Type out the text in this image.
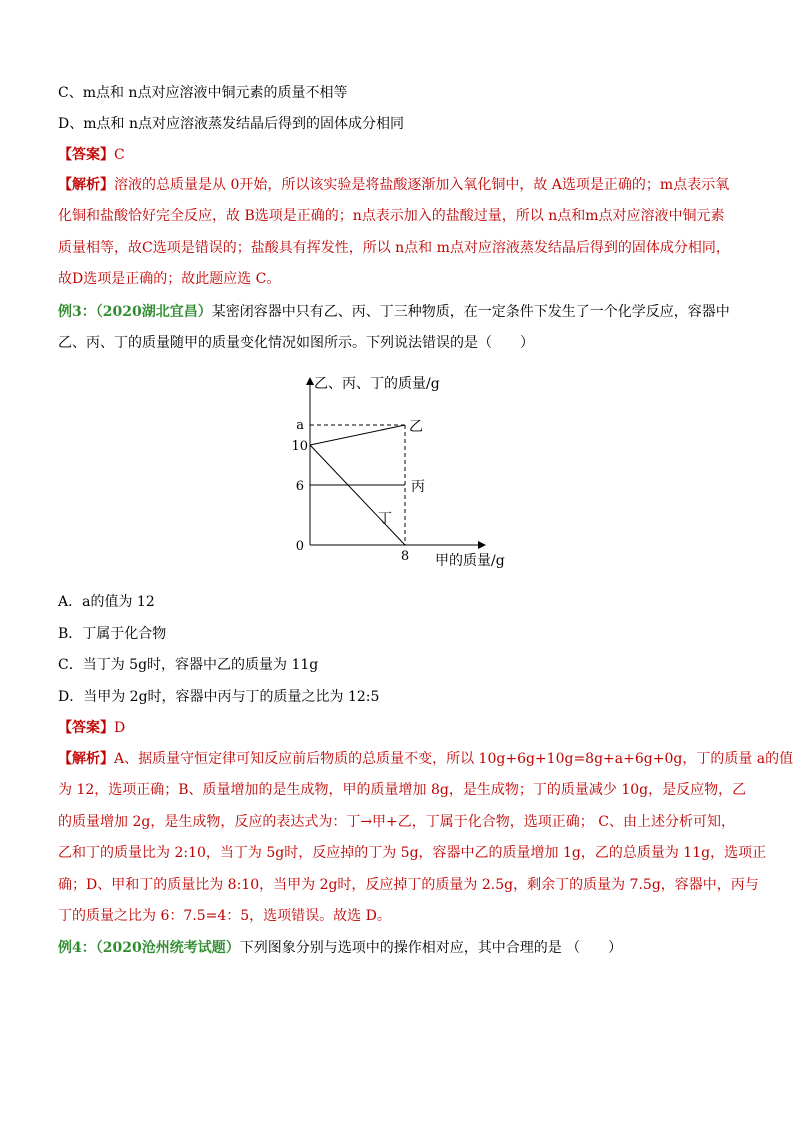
C、m点和 n点对应溶液中铜元素的质量不相等
D、m点和 n点对应溶液蒸发结晶后得到的固体成分相同
【答案】C
【解析】溶液的总质量是从 0开始，所以该实验是将盐酸逐渐加入氧化铜中，故 A选项是正确的；m点表示氧
化铜和盐酸恰好完全反应，故 B选项是正确的；n点表示加入的盐酸过量，所以 n点和m点对应溶液中铜元素
质量相等，故C选项是错误的；盐酸具有挥发性，所以 n点和 m点对应溶液蒸发结晶后得到的固体成分相同，
故D选项是正确的；故此题应选 C。
例3：（2020湖北宜昌）某密闭容器中只有乙、丙、丁三种物质，在一定条件下发生了一个化学反应，容器中
乙、丙、丁的质量随甲的质量变化情况如图所示。下列说法错误的是（　　）
乙、丙、丁的质量/g
甲的质量/g
a
10
6
0
8
乙
丙
丁
A．a的值为 12
B．丁属于化合物
C．当丁为 5g时，容器中乙的质量为 11g
D．当甲为 2g时，容器中丙与丁的质量之比为 12:5
【答案】D
【解析】A、据质量守恒定律可知反应前后物质的总质量不变，所以 10g+6g+10g=8g+a+6g+0g，丁的质量 a的值
为 12，选项正确；B、质量增加的是生成物，甲的质量增加 8g，是生成物；丁的质量减少 10g，是反应物，乙
的质量增加 2g，是生成物，反应的表达式为：丁→甲+乙，丁属于化合物，选项正确； C、由上述分析可知，
乙和丁的质量比为 2:10，当丁为 5g时，反应掉的丁为 5g，容器中乙的质量增加 1g，乙的总质量为 11g，选项正
确；D、甲和丁的质量比为 8:10，当甲为 2g时，反应掉丁的质量为 2.5g，剩余丁的质量为 7.5g，容器中，丙与
丁的质量之比为 6：7.5=4：5，选项错误。故选 D。
例4：（2020沧州统考试题）下列图象分别与选项中的操作相对应，其中合理的是 （　　）
